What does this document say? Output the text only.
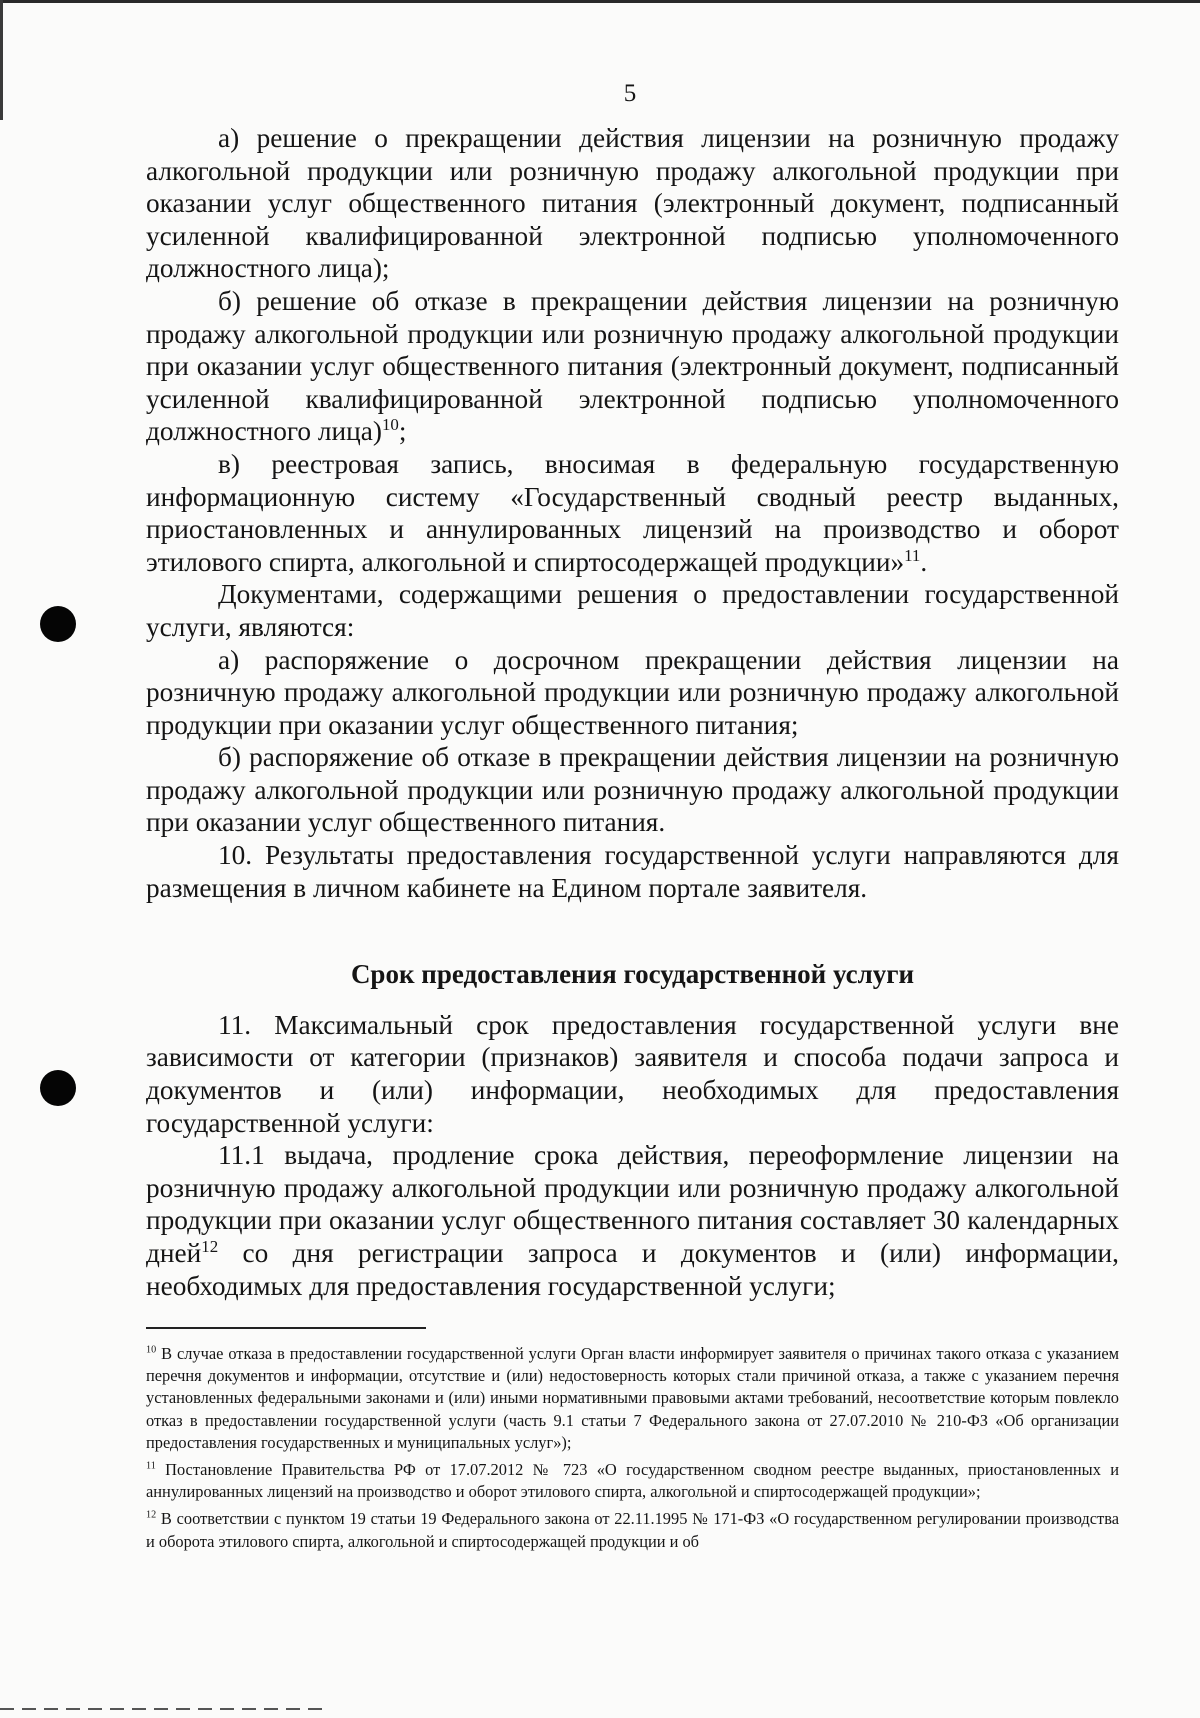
5

а) решение о прекращении действия лицензии на розничную продажу алкогольной продукции или розничную продажу алкогольной продукции при оказании услуг общественного питания (электронный документ, подписанный усиленной квалифицированной электронной подписью уполномоченного должностного лица);

б) решение об отказе в прекращении действия лицензии на розничную продажу алкогольной продукции или розничную продажу алкогольной продукции при оказании услуг общественного питания (электронный документ, подписанный усиленной квалифицированной электронной подписью уполномоченного должностного лица)$^{10}$;

в) реестровая запись, вносимая в федеральную государственную информационную систему «Государственный сводный реестр выданных, приостановленных и аннулированных лицензий на производство и оборот этилового спирта, алкогольной и спиртосодержащей продукции»$^{11}$.

Документами, содержащими решения о предоставлении государственной услуги, являются:

а) распоряжение о досрочном прекращении действия лицензии на розничную продажу алкогольной продукции или розничную продажу алкогольной продукции при оказании услуг общественного питания;

б) распоряжение об отказе в прекращении действия лицензии на розничную продажу алкогольной продукции или розничную продажу алкогольной продукции при оказании услуг общественного питания.

10. Результаты предоставления государственной услуги направляются для размещения в личном кабинете на Едином портале заявителя.

Срок предоставления государственной услуги

11. Максимальный срок предоставления государственной услуги вне зависимости от категории (признаков) заявителя и способа подачи запроса и документов и (или) информации, необходимых для предоставления государственной услуги:

11.1 выдача, продление срока действия, переоформление лицензии на розничную продажу алкогольной продукции или розничную продажу алкогольной продукции при оказании услуг общественного питания составляет 30 календарных дней$^{12}$ со дня регистрации запроса и документов и (или) информации, необходимых для предоставления государственной услуги;

$^{10}$ В случае отказа в предоставлении государственной услуги Орган власти информирует заявителя о причинах такого отказа с указанием перечня документов и информации, отсутствие и (или) недостоверность которых стали причиной отказа, а также с указанием перечня установленных федеральными законами и (или) иными нормативными правовыми актами требований, несоответствие которым повлекло отказ в предоставлении государственной услуги (часть 9.1 статьи 7 Федерального закона от 27.07.2010 № 210-ФЗ «Об организации предоставления государственных и муниципальных услуг»);

$^{11}$ Постановление Правительства РФ от 17.07.2012 № 723 «О государственном сводном реестре выданных, приостановленных и аннулированных лицензий на производство и оборот этилового спирта, алкогольной и спиртосодержащей продукции»;

$^{12}$ В соответствии с пунктом 19 статьи 19 Федерального закона от 22.11.1995 № 171-ФЗ «О государственном регулировании производства и оборота этилового спирта, алкогольной и спиртосодержащей продукции и об
